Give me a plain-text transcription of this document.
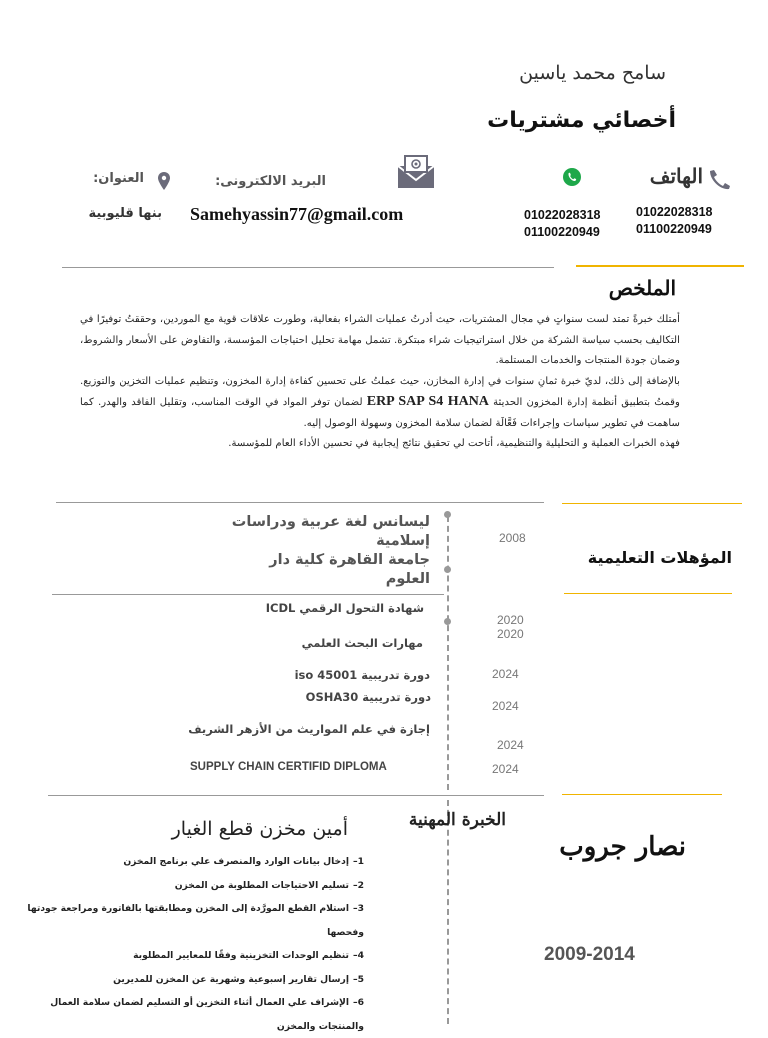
سامح محمد ياسين
أخصائي مشتريات
الهاتف
01022028318
01100220949
01022028318
01100220949
البريد الالكترونى:
Samehyassin77@gmail.com
العنوان:
بنها قليوبية
الملخص

أمتلك خبرةً تمتد لست سنواتٍ في مجال المشتريات، حيث أدرتُ عمليات الشراء بفعالية، وطورت علاقات قوية مع الموردين، وحققتُ توفيرًا في التكاليف بحسب سياسة الشركة من خلال استراتيجيات شراء مبتكرة. تشمل مهامة تحليل احتياجات المؤسسة، والتفاوض على الأسعار والشروط، وضمان جودة المنتجات والخدمات المستلمة.

بالإضافة إلى ذلك، لديّ خبرة ثمانِ سنوات في إدارة المخازن، حيث عملتُ على تحسين كفاءة إدارة المخزون، وتنظيم عمليات التخزين والتوزيع. وقمتُ بتطبيق أنظمة إدارة المخزون الحديثة ERP SAP S4 HANA لضمان توفر المواد في الوقت المناسب، وتقليل الفاقد والهدر. كما ساهمت في تطوير سياسات وإجراءات فَعَّالَة لضمان سلامة المخزون وسهولة الوصول إليه.

فهذه الخبرات العملية و التحليلية والتنظيمية، أتاحت لي تحقيق نتائج إيجابية في تحسين الأداء العام للمؤسسة.

المؤهلات التعليمية
ليسانس لغة عربية ودراسات
إسلامية
جامعة القاهرة كلية دار العلوم
2008
شهادة التحول الرقمي ICDL
2020
مهارات البحث العلمي
2020
دورة تدريبية iso 45001	2024
دورة تدريبية OSHA30
2024
إجازة في علم المواريث من الأزهر الشريف
2024
SUPPLY CHAIN CERTIFID DIPLOMA	2024
الخبرة المهنية
نصار جروب
2009-2014
أمين مخزن قطع الغيار
1–إدخال بيانات الوارد والمنصرف علي برنامج المخزن
2–تسليم الاحتياجات المطلوبة من المخزن
3–استلام القطع المورَّدة إلى المخزن ومطابقتها بالفاتورة ومراجعة جودتها وفحصها
4–تنظيم الوحدات التخزينية وفقًا للمعايير المطلوبة
5–إرسال تقارير إسبوعية وشهرية عن المخزن للمديرين
6–الإشراف علي العمال أثناء التخزين أو التسليم لضمان سلامة العمال والمنتجات والمخزن
